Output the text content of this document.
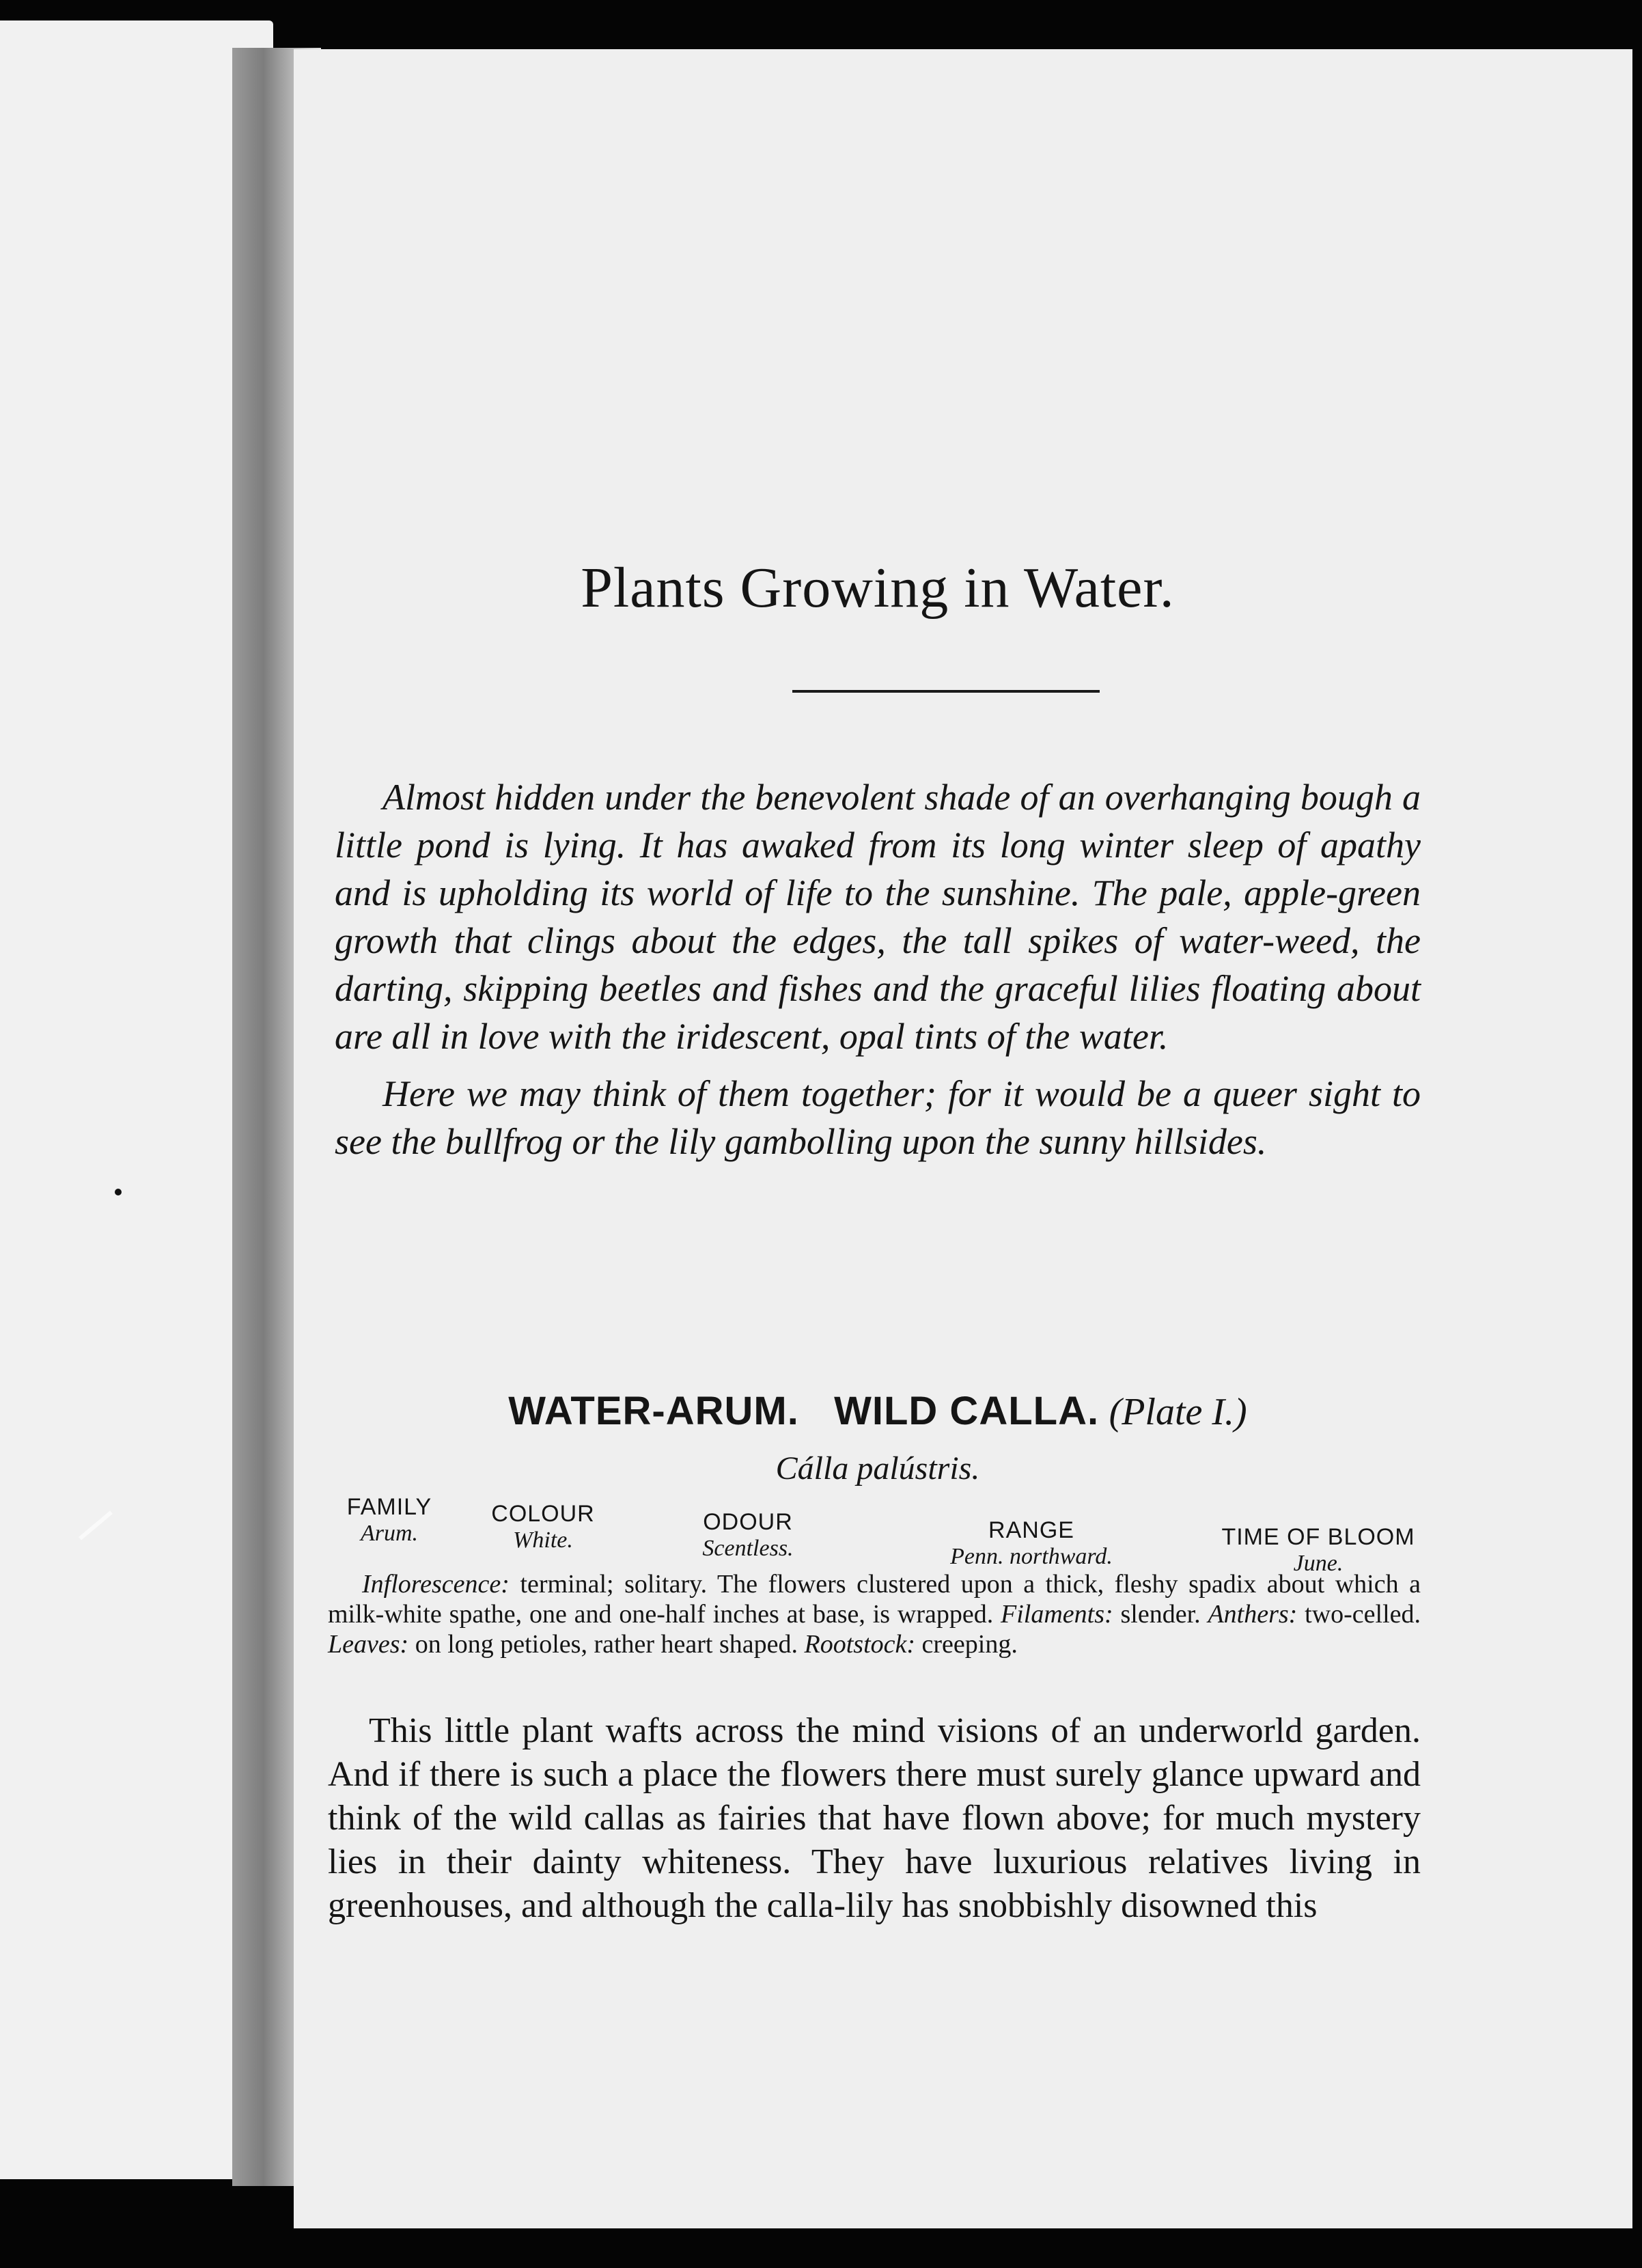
Plants Growing in Water.

Almost hidden under the benevolent shade of an overhanging bough a little pond is lying. It has awaked from its long winter sleep of apathy and is upholding its world of life to the sunshine. The pale, apple-green growth that clings about the edges, the tall spikes of water-weed, the darting, skipping beetles and fishes and the graceful lilies floating about are all in love with the iridescent, opal tints of the water.

Here we may think of them together; for it would be a queer sight to see the bullfrog or the lily gambolling upon the sunny hillsides.

WATER-ARUM.   WILD CALLA. (Plate I.)
Cálla palústris.
FAMILY
Arum.
COLOUR
White.
ODOUR
Scentless.
RANGE
Penn. northward.
TIME OF BLOOM
June.

Inflorescence: terminal; solitary. The flowers clustered upon a thick, fleshy spadix about which a milk-white spathe, one and one-half inches at base, is wrapped. Filaments: slender. Anthers: two-celled. Leaves: on long petioles, rather heart shaped. Rootstock: creeping.

This little plant wafts across the mind visions of an underworld garden. And if there is such a place the flowers there must surely glance upward and think of the wild callas as fairies that have flown above; for much mystery lies in their dainty whiteness. They have luxurious relatives living in greenhouses, and although the calla-lily has snobbishly disowned this
